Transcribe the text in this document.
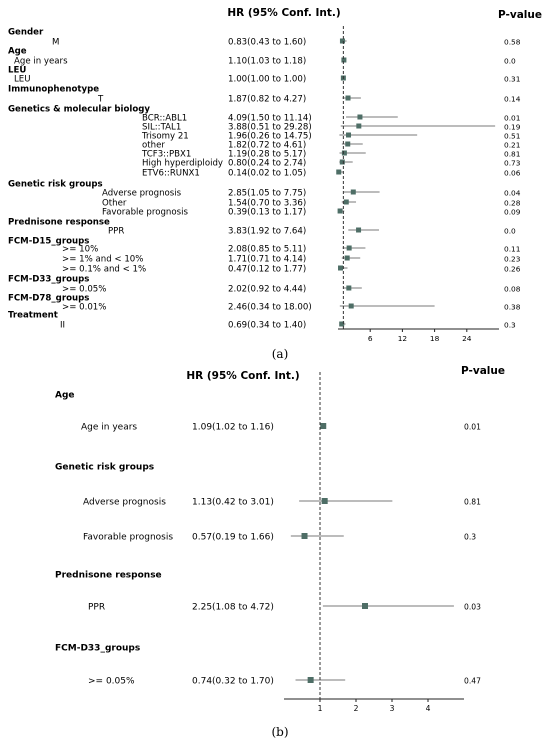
HR (95% Conf. Int.)	P-value
Gender
M	0.83(0.43 to 1.60)	0.58
Age
Age in years	1.10(1.03 to 1.18)	0.0
LEU
LEU	1.00(1.00 to 1.00)	0.31
Immunophenotype
T	1.87(0.82 to 4.27)	0.14
Genetics & molecular biology
BCR::ABL1	4.09(1.50 to 11.14)	0.01
SIL::TAL1	3.88(0.51 to 29.28)	0.19
Trisomy 21	1.96(0.26 to 14.75)	0.51
other	1.82(0.72 to 4.61)	0.21
TCF3::PBX1	1.19(0.28 to 5.17)	0.81
High hyperdiploidy 0.80(0.24 to 2.74)	0.73
ETV6::RUNX1	0.14(0.02 to 1.05)	0.06
Genetic risk groups
Adverse prognosis	2.85(1.05 to 7.75)	0.04
Other	1.54(0.70 to 3.36)	0.28
Favorable prognosis	0.39(0.13 to 1.17)	0.09
Prednisone response
PPR	3.83(1.92 to 7.64)	0.0
FCM-D15_groups
>= 10%	2.08(0.85 to 5.11)	0.11
>= 1% and < 10%	1.71(0.71 to 4.14)	0.23
>= 0.1% and < 1%	0.47(0.12 to 1.77)	0.26
FCM-D33_groups
>= 0.05%	2.02(0.92 to 4.44)	0.08
FCM-D78_groups
>= 0.01%	2.46(0.34 to 18.00)	0.38
Treatment
II	0.69(0.34 to 1.40)	0.3
6	12	18	24
(a)
HR (95% Conf. Int.)	P-value
Age
Age in years	1.09(1.02 to 1.16)	0.01
Genetic risk groups
Adverse prognosis	1.13(0.42 to 3.01)	0.81
Favorable prognosis 0.57(0.19 to 1.66)	0.3
Prednisone response
PPR	2.25(1.08 to 4.72)	0.03
FCM-D33_groups
>= 0.05%	0.74(0.32 to 1.70)	0.47
1	2	3	4
(b)
